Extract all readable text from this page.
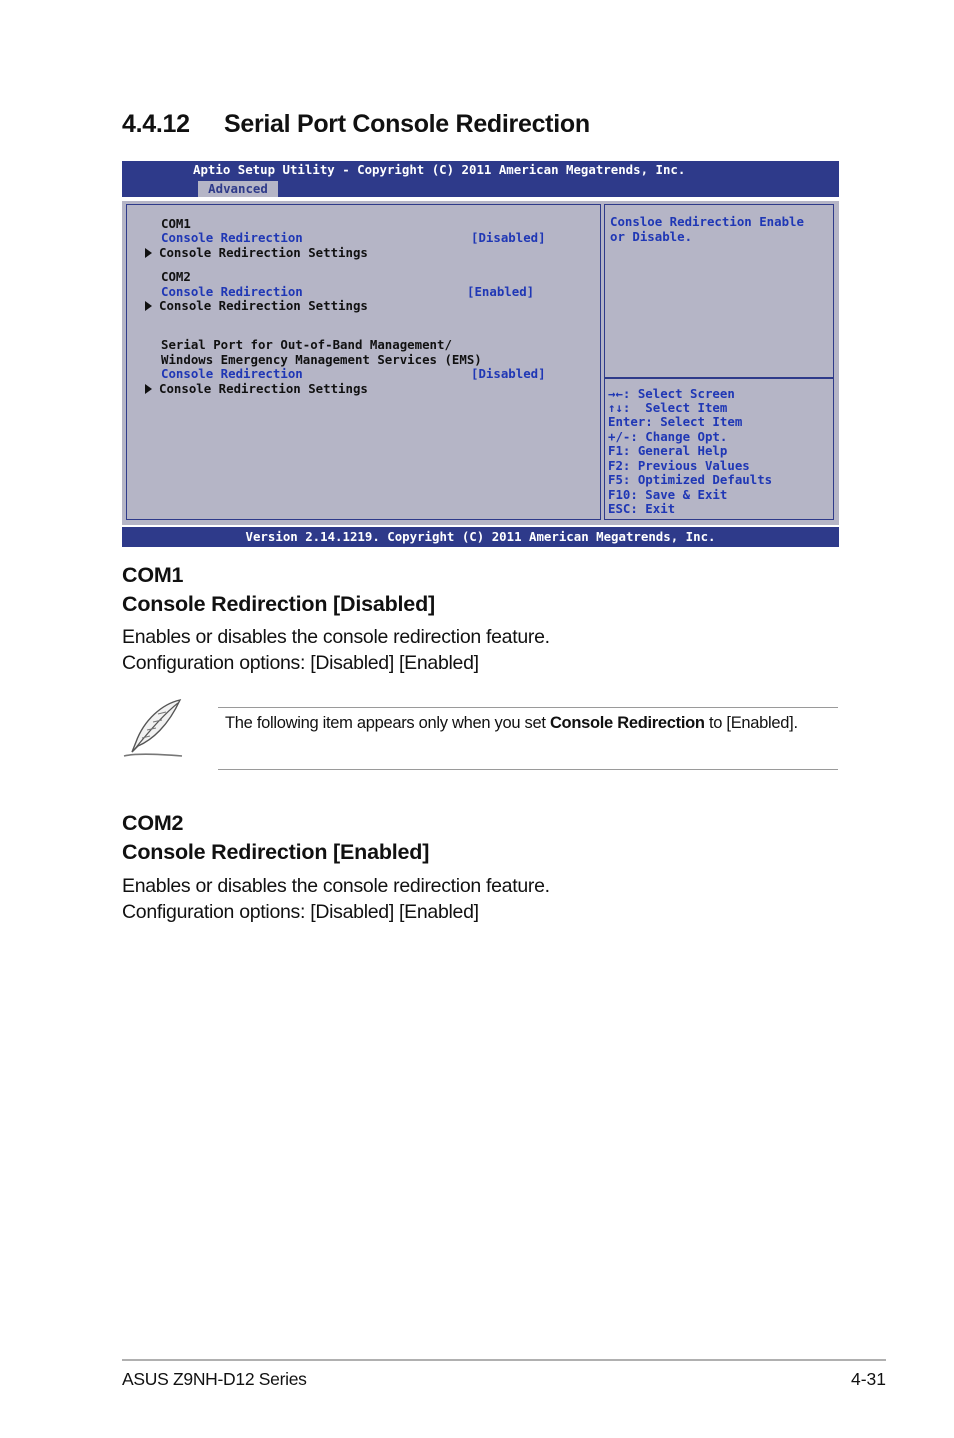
4.4.12 Serial Port Console Redirection
Aptio Setup Utility - Copyright (C) 2011 American Megatrends, Inc.
Advanced
COM1
Console Redirection	[Disabled]
Console Redirection Settings
COM2
Console Redirection	[Enabled]
Console Redirection Settings
Serial Port for Out-of-Band Management/
Windows Emergency Management Services (EMS)
Console Redirection	[Disabled]
Console Redirection Settings
Consloe Redirection Enable
or Disable.
→←: Select Screen
↑↓:  Select Item
Enter: Select Item
+/-: Change Opt.
F1: General Help
F2: Previous Values
F5: Optimized Defaults
F10: Save & Exit
ESC: Exit
Version 2.14.1219. Copyright (C) 2011 American Megatrends, Inc.
COM1
Console Redirection [Disabled]

Enables or disables the console redirection feature.
Configuration options: [Disabled] [Enabled]

The following item appears only when you set Console Redirection to [Enabled].

COM2
Console Redirection [Enabled]

Enables or disables the console redirection feature.
Configuration options: [Disabled] [Enabled]

ASUS Z9NH-D12 Series	4-31
